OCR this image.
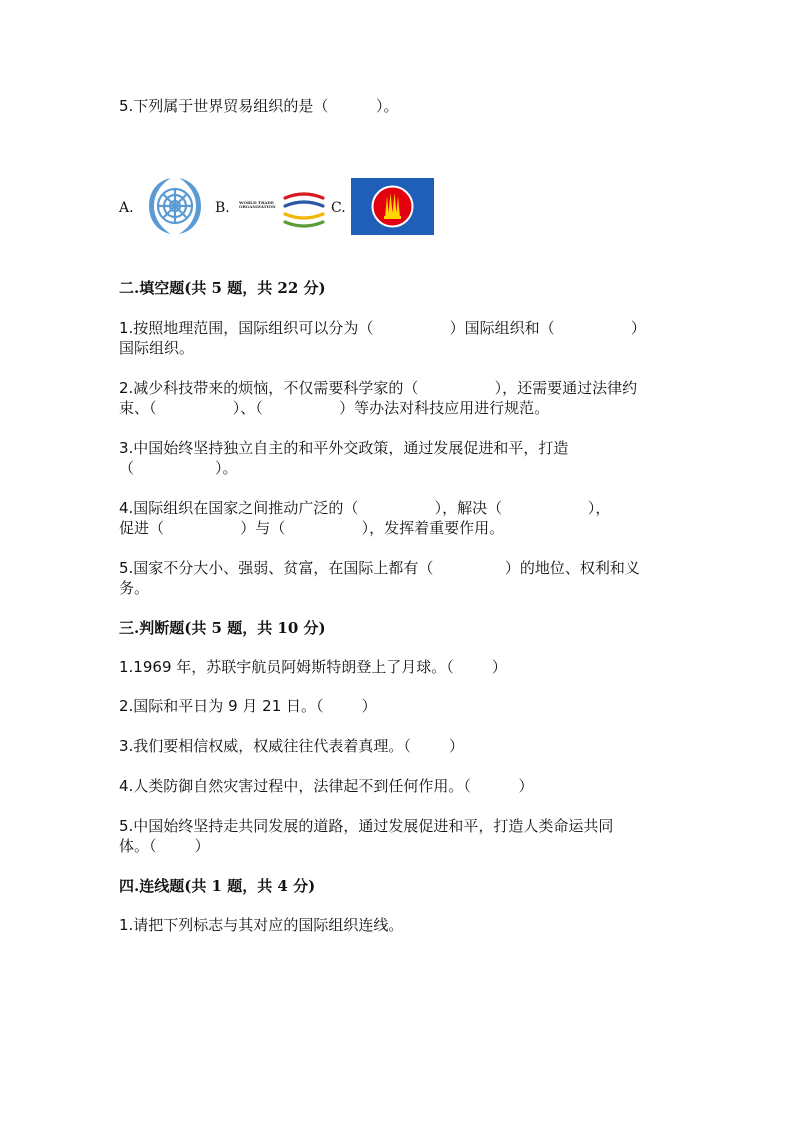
5.下列属于世界贸易组织的是（          ）。
A.	B.	C.
WORLD TRADE ORGANIZATION
二.填空题(共 5 题，共 22 分)
1.按照地理范围，国际组织可以分为（                ）国际组织和（                ）
国际组织。
2.减少科技带来的烦恼，不仅需要科学家的（                ），还需要通过法律约
束、（                ）、（                ）等办法对科技应用进行规范。
3.中国始终坚持独立自主的和平外交政策，通过发展促进和平，打造
（                 ）。
4.国际组织在国家之间推动广泛的（                ），解决（                  ），
促进（                ）与（                ），发挥着重要作用。
5.国家不分大小、强弱、贫富，在国际上都有（               ）的地位、权利和义
务。
三.判断题(共 5 题，共 10 分)
1.1969 年，苏联宇航员阿姆斯特朗登上了月球。（        ）
2.国际和平日为 9 月 21 日。（        ）
3.我们要相信权威，权威往往代表着真理。（        ）
4.人类防御自然灾害过程中，法律起不到任何作用。（          ）
5.中国始终坚持走共同发展的道路，通过发展促进和平，打造人类命运共同
体。（        ）
四.连线题(共 1 题，共 4 分)
1.请把下列标志与其对应的国际组织连线。
